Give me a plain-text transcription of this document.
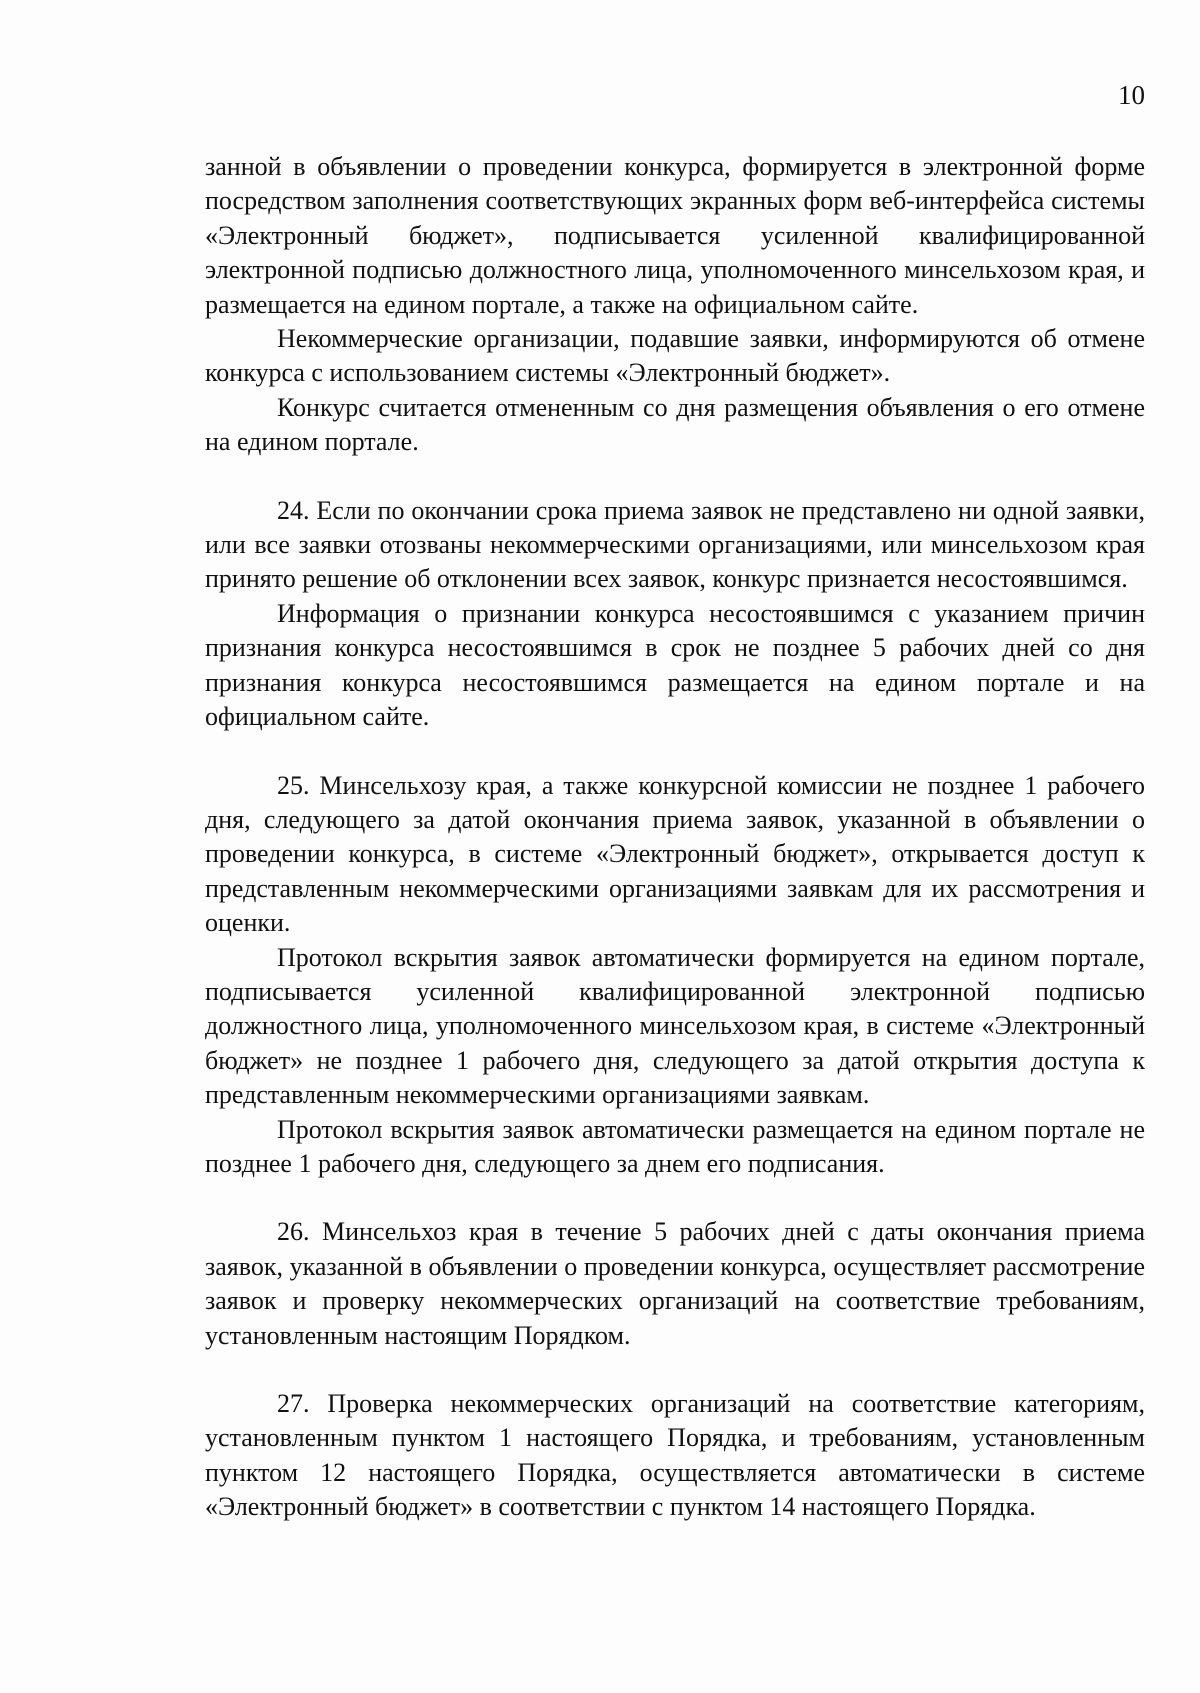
10

занной в объявлении о проведении конкурса, формируется в электронной форме посредством заполнения соответствующих экранных форм веб-интерфейса системы «Электронный бюджет», подписывается усиленной квалифицированной электронной подписью должностного лица, уполномоченного минсельхозом края, и размещается на едином портале, а также на официальном сайте.

Некоммерческие организации, подавшие заявки, информируются об отмене конкурса с использованием системы «Электронный бюджет».

Конкурс считается отмененным со дня размещения объявления о его отмене на едином портале.

24. Если по окончании срока приема заявок не представлено ни одной заявки, или все заявки отозваны некоммерческими организациями, или минсельхозом края принято решение об отклонении всех заявок, конкурс признается несостоявшимся.

Информация о признании конкурса несостоявшимся с указанием причин признания конкурса несостоявшимся в срок не позднее 5 рабочих дней со дня признания конкурса несостоявшимся размещается на едином портале и на официальном сайте.

25. Минсельхозу края, а также конкурсной комиссии не позднее 1 рабочего дня, следующего за датой окончания приема заявок, указанной в объявлении о проведении конкурса, в системе «Электронный бюджет», открывается доступ к представленным некоммерческими организациями заявкам для их рассмотрения и оценки.

Протокол вскрытия заявок автоматически формируется на едином портале, подписывается усиленной квалифицированной электронной подписью должностного лица, уполномоченного минсельхозом края, в системе «Электронный бюджет» не позднее 1 рабочего дня, следующего за датой открытия доступа к представленным некоммерческими организациями заявкам.

Протокол вскрытия заявок автоматически размещается на едином портале не позднее 1 рабочего дня, следующего за днем его подписания.

26. Минсельхоз края в течение 5 рабочих дней с даты окончания приема заявок, указанной в объявлении о проведении конкурса, осуществляет рассмотрение заявок и проверку некоммерческих организаций на соответствие требованиям, установленным настоящим Порядком.

27. Проверка некоммерческих организаций на соответствие категориям, установленным пунктом 1 настоящего Порядка, и требованиям, установленным пунктом 12 настоящего Порядка, осуществляется автоматически в системе «Электронный бюджет» в соответствии с пунктом 14 настоящего Порядка.
